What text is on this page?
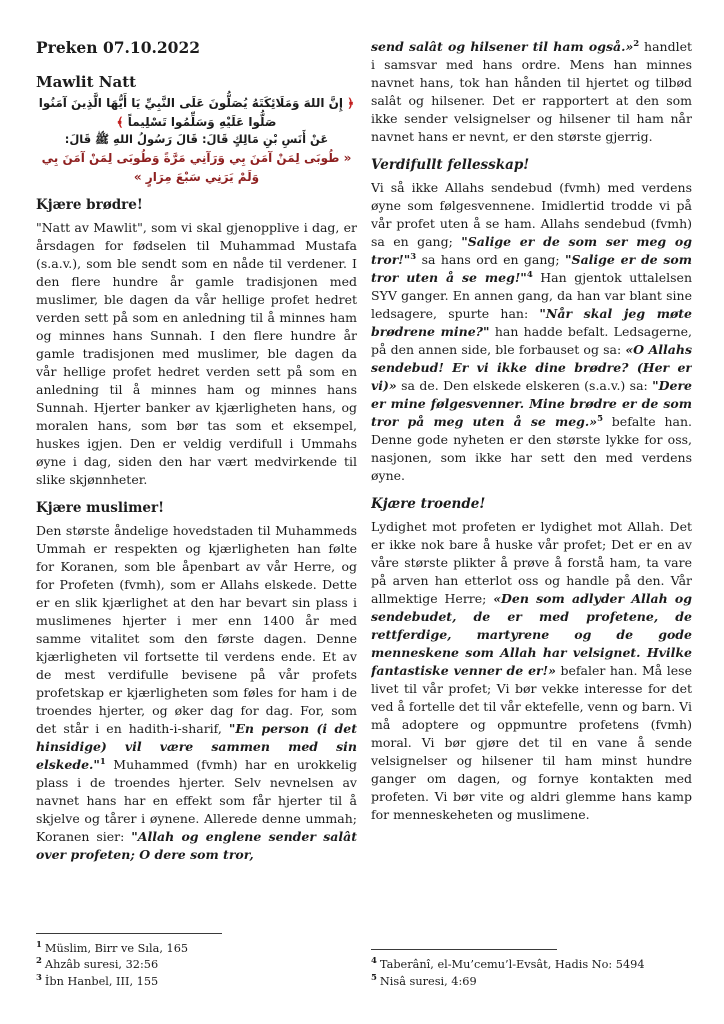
Preken 07.10.2022
Mawlit Natt
﴿ إِنَّ اللهَ وَمَلَائِكَتَهُ يُصَلُّونَ عَلَى النَّبِيِّ يَا أَيُّهَا الَّذِينَ آمَنُوا صَلُّوا عَلَيْهِ وَسَلِّمُوا تَسْلِيماً ﴾
عَنْ أَنَسِ بْنِ مَالِكٍ قَالَ: قَالَ رَسُولُ اللهِ ﷺ قَالَ:
« طُوبَى لِمَنْ آمَنَ بِي وَرَآنِي مَرَّةً وَطُوبَى لِمَنْ آمَنَ بِي وَلَمْ يَرَنِي سَبْعَ مِرَارٍ »
Kjære brødre!

"Natt av Mawlit", som vi skal gjenopplive i dag, er årsdagen for fødselen til Muhammad Mustafa (s.a.v.), som ble sendt som en nåde til verdener. I den flere hundre år gamle tradisjonen med muslimer, ble dagen da vår hellige profet hedret verden sett på som en anledning til å minnes ham og minnes hans Sunnah. I den flere hundre år gamle tradisjonen med muslimer, ble dagen da vår hellige profet hedret verden sett på som en anledning til å minnes ham og minnes hans Sunnah. Hjerter banker av kjærligheten hans, og moralen hans, som bør tas som et eksempel, huskes igjen. Den er veldig verdifull i Ummahs øyne i dag, siden den har vært medvirkende til slike skjønnheter.

Kjære muslimer!

Den største åndelige hovedstaden til Muhammeds Ummah er respekten og kjærligheten han følte for Koranen, som ble åpenbart av vår Herre, og for Profeten (fvmh), som er Allahs elskede. Dette er en slik kjærlighet at den har bevart sin plass i muslimenes hjerter i mer enn 1400 år med samme vitalitet som den første dagen. Denne kjærligheten vil fortsette til verdens ende. Et av de mest verdifulle bevisene på vår profets profetskap er kjærligheten som føles for ham i de troendes hjerter, og øker dag for dag. For, som det står i en hadith-i-sharif, "En person (i det hinsidige) vil være sammen med sin elskede."$^1$ Muhammed (fvmh) har en urokkelig plass i de troendes hjerter. Selv nevnelsen av navnet hans har en effekt som får hjerter til å skjelve og tårer i øynene. Allerede denne ummah; Koranen sier: "Allah og englene sender salât over profeten; O dere som tror,

$^1$ Müslim, Birr ve Sıla, 165
$^2$ Ahzâb suresi, 32:56
$^3$ İbn Hanbel, III, 155

send salât og hilsener til ham også.»$^2$ handlet i samsvar med hans ordre. Mens han minnes navnet hans, tok han hånden til hjertet og tilbød salât og hilsener. Det er rapportert at den som ikke sender velsignelser og hilsener til ham når navnet hans er nevnt, er den største gjerrig.

Verdifullt fellesskap!

Vi så ikke Allahs sendebud (fvmh) med verdens øyne som følgesvennene. Imidlertid trodde vi på vår profet uten å se ham. Allahs sendebud (fvmh) sa en gang; "Salige er de som ser meg og tror!"$^3$ sa hans ord en gang; "Salige er de som tror uten å se meg!"$^4$ Han gjentok uttalelsen SYV ganger. En annen gang, da han var blant sine ledsagere, spurte han: "Når skal jeg møte brødrene mine?" han hadde befalt. Ledsagerne, på den annen side, ble forbauset og sa: «O Allahs sendebud! Er vi ikke dine brødre? (Her er vi)» sa de. Den elskede elskeren (s.a.v.) sa: "Dere er mine følgesvenner. Mine brødre er de som tror på meg uten å se meg.»$^5$ befalte han. Denne gode nyheten er den største lykke for oss, nasjonen, som ikke har sett den med verdens øyne.

Kjære troende!

Lydighet mot profeten er lydighet mot Allah. Det er ikke nok bare å huske vår profet; Det er en av våre største plikter å prøve å forstå ham, ta vare på arven han etterlot oss og handle på den. Vår allmektige Herre; «Den som adlyder Allah og sendebudet, de er med profetene, de rettferdige, martyrene og de gode menneskene som Allah har velsignet. Hvilke fantastiske venner de er!» befaler han. Må lese livet til vår profet; Vi bør vekke interesse for det ved å fortelle det til vår ektefelle, venn og barn. Vi må adoptere og oppmuntre profetens (fvmh) moral. Vi bør gjøre det til en vane å sende velsignelser og hilsener til ham minst hundre ganger om dagen, og fornye kontakten med profeten. Vi bør vite og aldri glemme hans kamp for menneskeheten og muslimene.

$^4$ Taberânî, el-Mu’cemu’l-Evsât, Hadis No: 5494
$^5$ Nisâ suresi, 4:69
